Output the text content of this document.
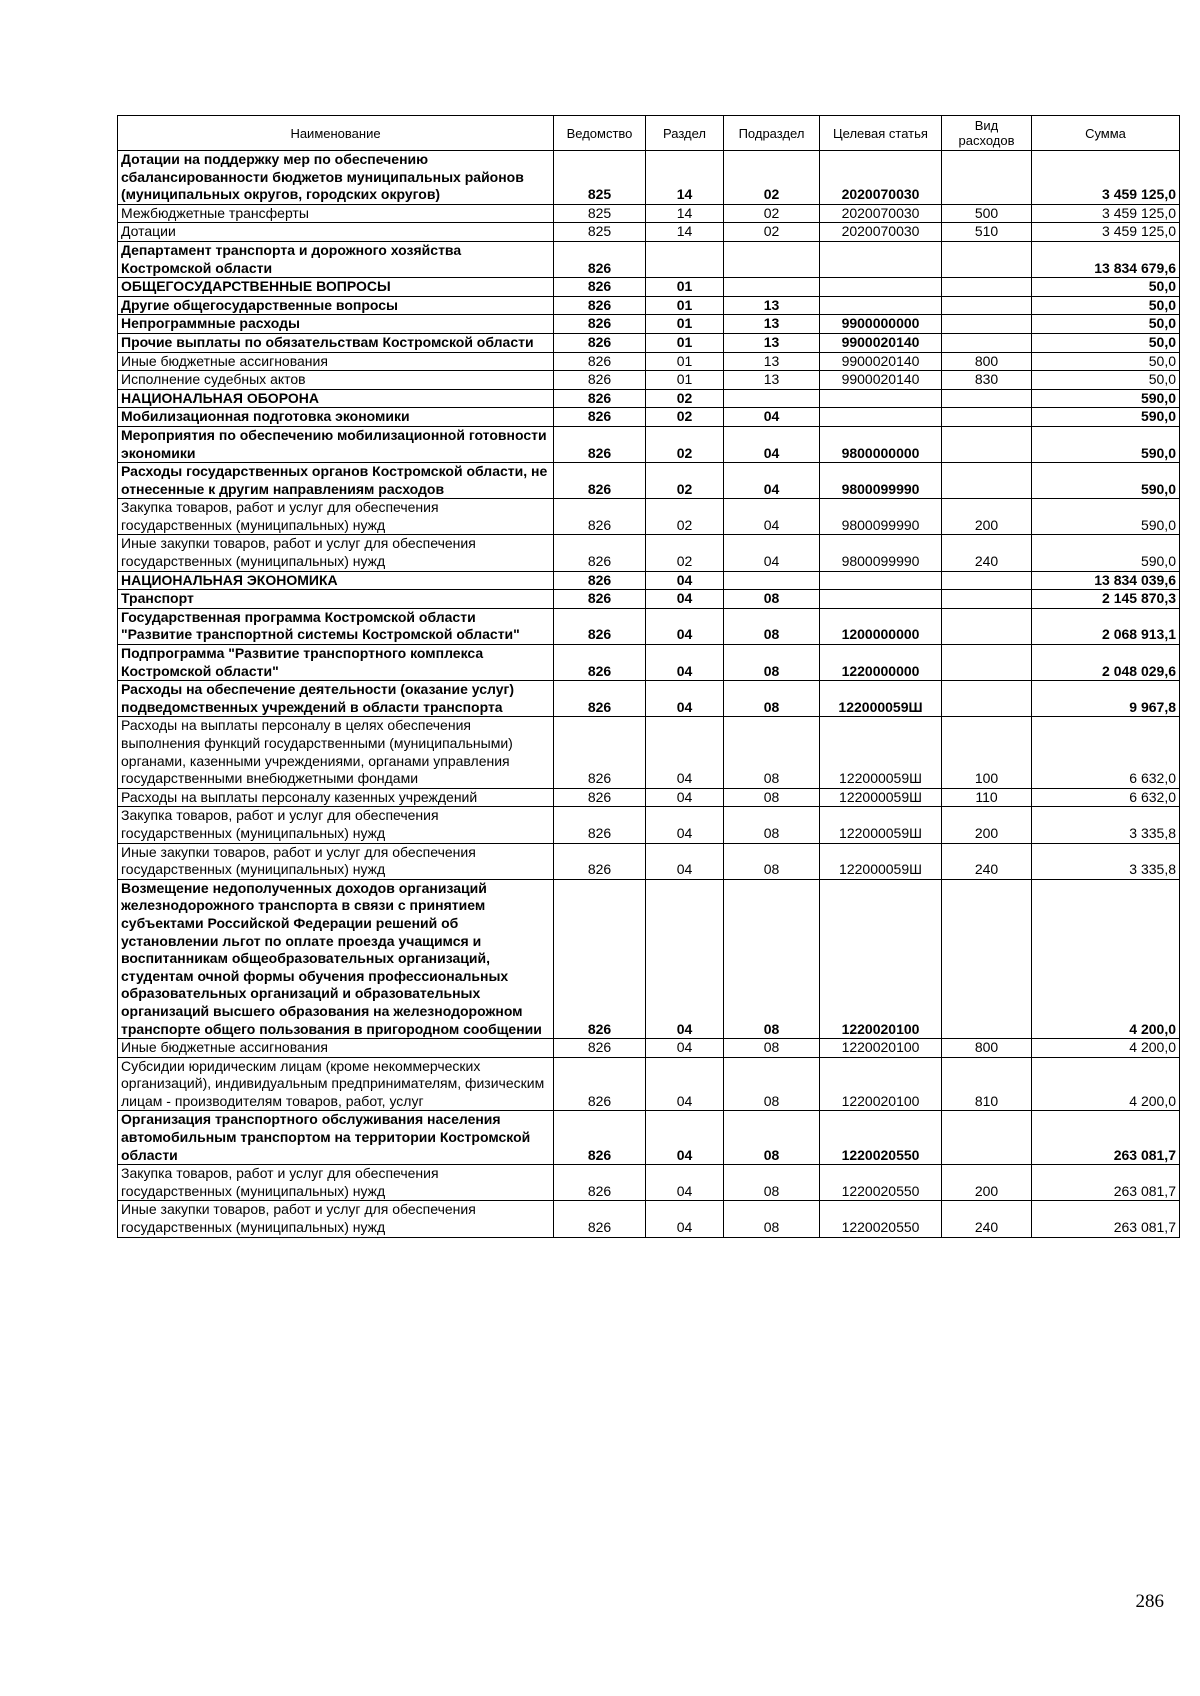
Наименование	Ведомство	Раздел	Подраздел	Целевая статья	Вид расходов	Сумма
Дотации на поддержку мер по обеспечению сбалансированности бюджетов муниципальных районов (муниципальных округов, городских округов)	825	14	02	2020070030		3 459 125,0
Межбюджетные трансферты	825	14	02	2020070030	500	3 459 125,0
Дотации	825	14	02	2020070030	510	3 459 125,0
Департамент транспорта и дорожного хозяйства Костромской области	826					13 834 679,6
ОБЩЕГОСУДАРСТВЕННЫЕ ВОПРОСЫ	826	01				50,0
Другие общегосударственные вопросы	826	01	13			50,0
Непрограммные расходы	826	01	13	9900000000		50,0
Прочие выплаты по обязательствам Костромской области	826	01	13	9900020140		50,0
Иные бюджетные ассигнования	826	01	13	9900020140	800	50,0
Исполнение судебных актов	826	01	13	9900020140	830	50,0
НАЦИОНАЛЬНАЯ ОБОРОНА	826	02				590,0
Мобилизационная подготовка экономики	826	02	04			590,0
Мероприятия по обеспечению мобилизационной готовности экономики	826	02	04	9800000000		590,0
Расходы государственных органов Костромской области, не отнесенные к другим направлениям расходов	826	02	04	9800099990		590,0
Закупка товаров, работ и услуг для обеспечения государственных (муниципальных) нужд	826	02	04	9800099990	200	590,0
Иные закупки товаров, работ и услуг для обеспечения государственных (муниципальных) нужд	826	02	04	9800099990	240	590,0
НАЦИОНАЛЬНАЯ ЭКОНОМИКА	826	04				13 834 039,6
Транспорт	826	04	08			2 145 870,3
Государственная программа Костромской области "Развитие транспортной системы Костромской области"	826	04	08	1200000000		2 068 913,1
Подпрограмма "Развитие транспортного комплекса Костромской области"	826	04	08	1220000000		2 048 029,6
Расходы на обеспечение деятельности (оказание услуг) подведомственных учреждений в области транспорта	826	04	08	122000059Ш		9 967,8
Расходы на выплаты персоналу в целях обеспечения выполнения функций государственными (муниципальными) органами, казенными учреждениями, органами управления государственными внебюджетными фондами	826	04	08	122000059Ш	100	6 632,0
Расходы на выплаты персоналу казенных учреждений	826	04	08	122000059Ш	110	6 632,0
Закупка товаров, работ и услуг для обеспечения государственных (муниципальных) нужд	826	04	08	122000059Ш	200	3 335,8
Иные закупки товаров, работ и услуг для обеспечения государственных (муниципальных) нужд	826	04	08	122000059Ш	240	3 335,8
Возмещение недополученных доходов организаций железнодорожного транспорта в связи с принятием субъектами Российской Федерации решений об установлении льгот по оплате проезда учащимся и воспитанникам общеобразовательных организаций, студентам очной формы обучения профессиональных образовательных организаций и образовательных организаций высшего образования на железнодорожном транспорте общего пользования в пригородном сообщении	826	04	08	1220020100		4 200,0
Иные бюджетные ассигнования	826	04	08	1220020100	800	4 200,0
Субсидии юридическим лицам (кроме некоммерческих организаций), индивидуальным предпринимателям, физическим лицам - производителям товаров, работ, услуг	826	04	08	1220020100	810	4 200,0
Организация транспортного обслуживания населения автомобильным транспортом на территории Костромской области	826	04	08	1220020550		263 081,7
Закупка товаров, работ и услуг для обеспечения государственных (муниципальных) нужд	826	04	08	1220020550	200	263 081,7
Иные закупки товаров, работ и услуг для обеспечения государственных (муниципальных) нужд	826	04	08	1220020550	240	263 081,7
286
